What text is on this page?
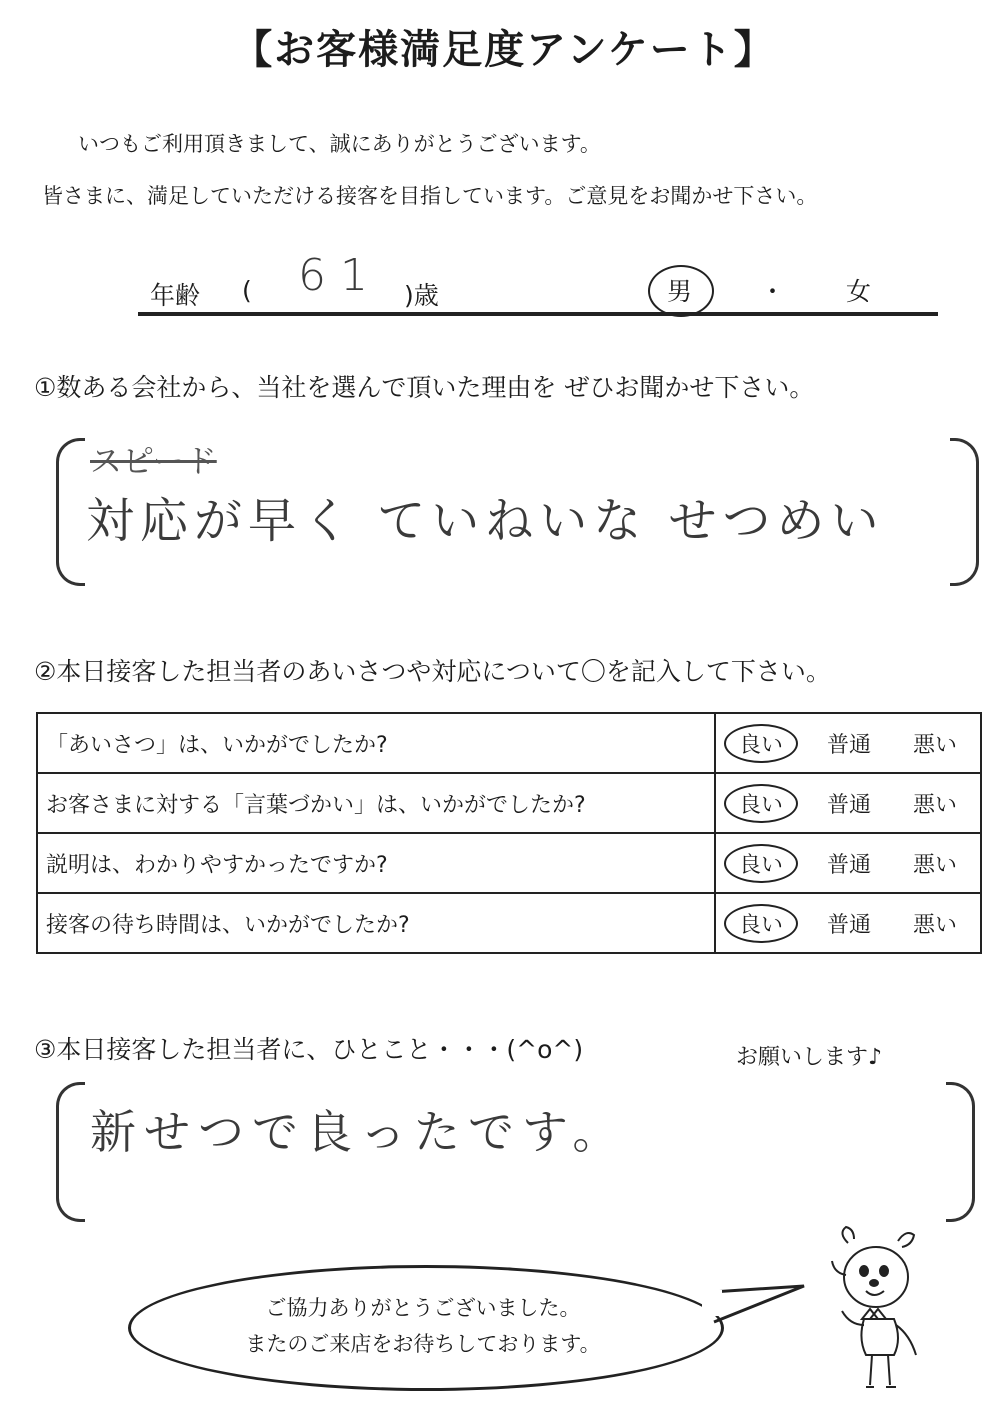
【お客様満足度アンケート】
いつもご利用頂きまして、誠にありがとうございます。
皆さまに、満足していただける接客を目指しています。ご意見をお聞かせ下さい。
年齢 ( 61 )歳	男	・ 女
①数ある会社から、当社を選んで頂いた理由を ぜひお聞かせ下さい。
スピード
対応が早く ていねいな せつめい
②本日接客した担当者のあいさつや対応について〇を記入して下さい。
「あいさつ」は、いかがでしたか?	良い 普通 悪い
お客さまに対する「言葉づかい」は、いかがでしたか?	良い 普通 悪い
説明は、わかりやすかったですか?	良い 普通 悪い
接客の待ち時間は、いかがでしたか?	良い 普通 悪い
③本日接客した担当者に、ひとこと・・・(^o^)	お願いします♪
新せつで良ったです。
ご協力ありがとうございました。
またのご来店をお待ちしております。
